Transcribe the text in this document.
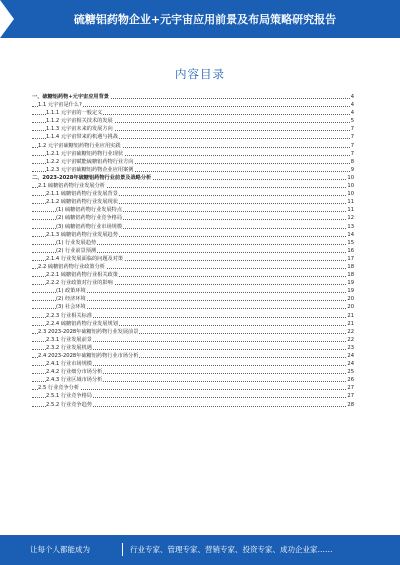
硫糖铝药物企业+元宇宙应用前景及布局策略研究报告
内容目录
一、硫糖铝药物+元宇宙应用背景	4
1.1 元宇宙是什么?	4
1.1.1 元宇宙的一般定义	4
1.1.2 元宇宙相关技术的发展	5
1.1.3 元宇宙未来的发展方向	7
1.1.4 元宇宙带来的机遇与挑战	7
1.2 元宇宙硫糖铝药物行业应用实践	7
1.2.1 元宇宙硫糖铝药物行业现状	7
1.2.2 元宇宙赋能硫糖铝药物行业方向	8
1.2.3 元宇宙硫糖铝药物企业应用案例	9
二、2023-2028年硫糖铝药物行业前景及战略分析	10
2.1 硫糖铝药物行业发展分析	10
2.1.1 硫糖铝药物行业发展背景	10
2.1.2 硫糖铝药物行业发展现状	11
(1) 硫糖铝药物行业发展特点	11
(2) 硫糖铝药物行业竞争格局	12
(3) 硫糖铝药物行业市场规模	13
2.1.3 硫糖铝药物行业发展趋势	14
(1) 行业发展趋势	15
(2) 行业前景预测	16
2.1.4 行业发展面临的问题及对策	17
2.2 硫糖铝药物行业政策分析	18
2.2.1 硫糖铝药物行业相关政策	18
2.2.2 行业政策对行业的影响	19
(1) 政策环境	19
(2) 经济环境	20
(3) 社会环境	20
2.2.3 行业相关标准	21
2.2.4 硫糖铝药物行业发展规划	21
2.3 2023-2028年硫糖铝药物行业发展前景	22
2.3.1 行业发展前景	22
2.3.2 行业发展机遇	23
2.4 2023-2028年硫糖铝药物行业市场分析	24
2.4.1 行业市场规模	24
2.4.2 行业细分市场分析	25
2.4.3 行业区域市场分析	26
2.5 行业竞争分析	27
2.5.1 行业竞争格局	27
2.5.2 行业竞争趋势	28
让每个人都能成为	行业专家、管理专家、营销专家、投资专家、成功企业家……
